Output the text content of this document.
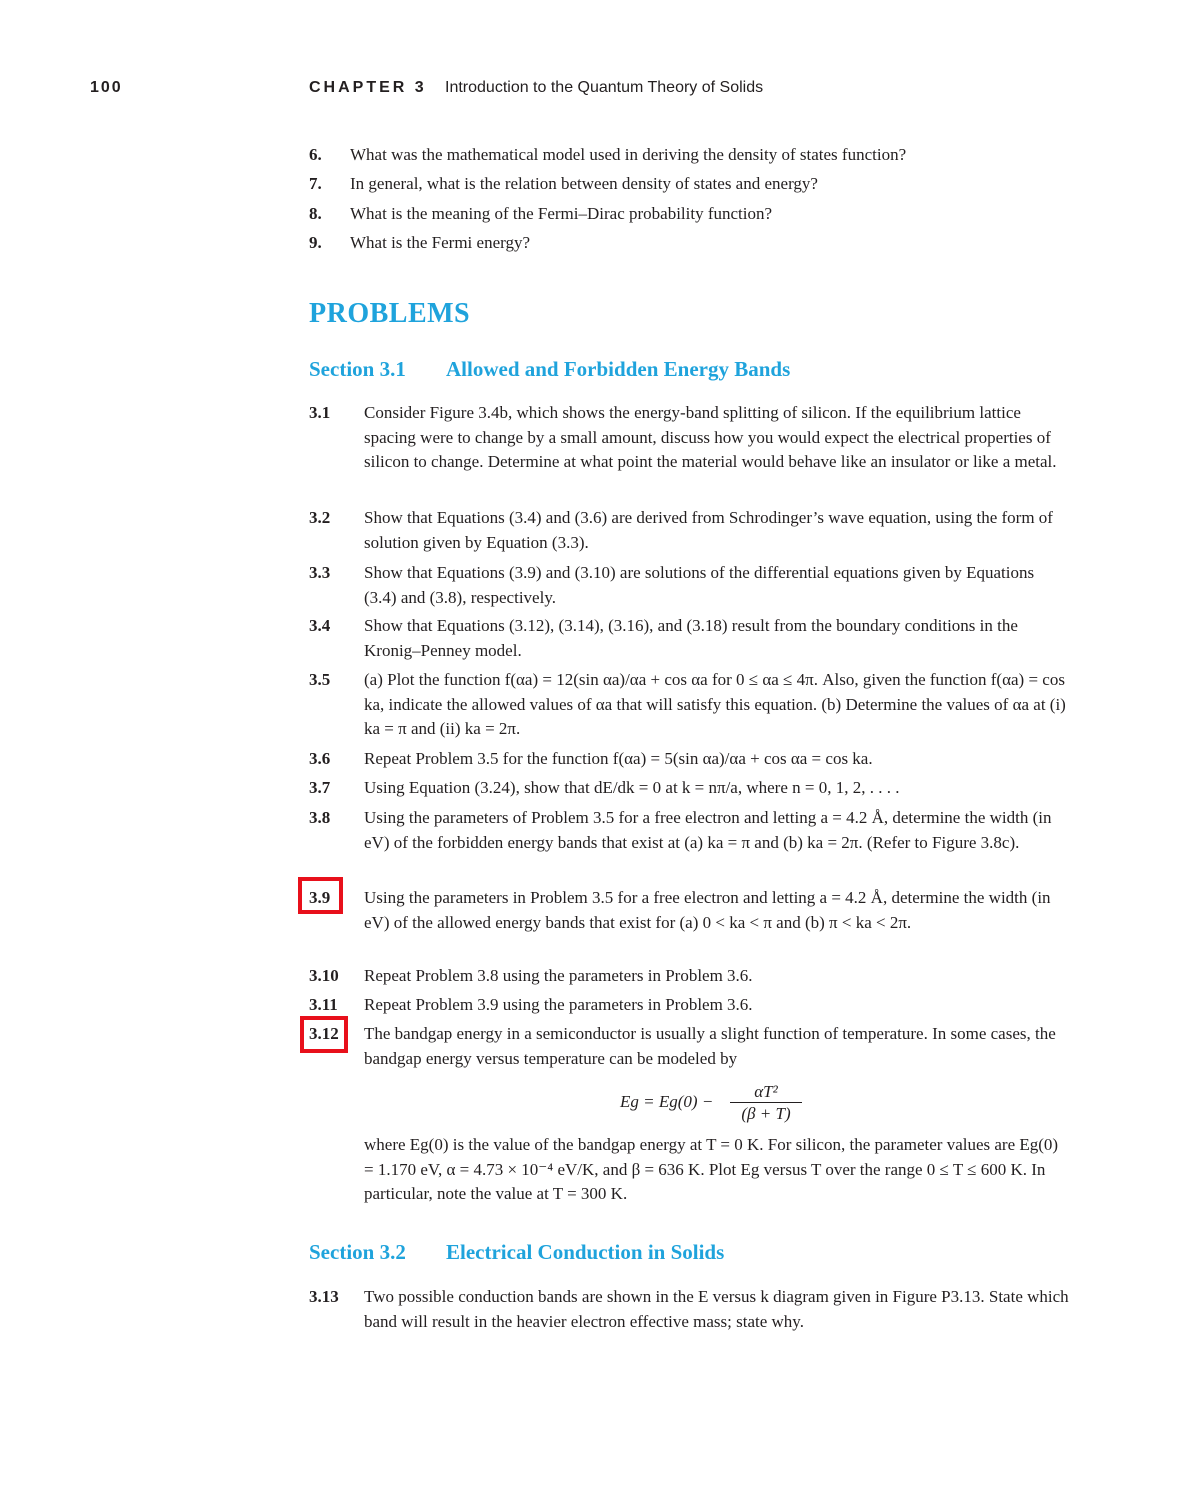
100	CHAPTER 3 Introduction to the Quantum Theory of Solids
6.	What was the mathematical model used in deriving the density of states function?
7.	In general, what is the relation between density of states and energy?
8.	What is the meaning of the Fermi–Dirac probability function?
9.	What is the Fermi energy?
PROBLEMS
Section 3.1 Allowed and Forbidden Energy Bands
3.1	Consider Figure 3.4b, which shows the energy-band splitting of silicon. If the equilibrium lattice spacing were to change by a small amount, discuss how you would expect the electrical properties of silicon to change. Determine at what point the material would behave like an insulator or like a metal.
3.2	Show that Equations (3.4) and (3.6) are derived from Schrodinger’s wave equation, using the form of solution given by Equation (3.3).
3.3	Show that Equations (3.9) and (3.10) are solutions of the differential equations given by Equations (3.4) and (3.8), respectively.
3.4	Show that Equations (3.12), (3.14), (3.16), and (3.18) result from the boundary conditions in the Kronig–Penney model.
3.5	(a) Plot the function f(αa) = 12(sin αa)/αa + cos αa for 0 ≤ αa ≤ 4π. Also, given the function f(αa) = cos ka, indicate the allowed values of αa that will satisfy this equation. (b) Determine the values of αa at (i) ka = π and (ii) ka = 2π.
3.6	Repeat Problem 3.5 for the function f(αa) = 5(sin αa)/αa + cos αa = cos ka.
3.7	Using Equation (3.24), show that dE/dk = 0 at k = nπ/a, where n = 0, 1, 2, . . . .
3.8	Using the parameters of Problem 3.5 for a free electron and letting a = 4.2 Å, determine the width (in eV) of the forbidden energy bands that exist at (a) ka = π and (b) ka = 2π. (Refer to Figure 3.8c).
3.9	Using the parameters in Problem 3.5 for a free electron and letting a = 4.2 Å, determine the width (in eV) of the allowed energy bands that exist for (a) 0 < ka < π and (b) π < ka < 2π.
3.10	Repeat Problem 3.8 using the parameters in Problem 3.6.
3.11	Repeat Problem 3.9 using the parameters in Problem 3.6.
3.12	The bandgap energy in a semiconductor is usually a slight function of temperature. In some cases, the bandgap energy versus temperature can be modeled by
$Eg = Eg(0) - \frac{\text{αT²}}{(\beta + T)}$
where Eg(0) is the value of the bandgap energy at T = 0 K. For silicon, the parameter values are Eg(0) = 1.170 eV, α = 4.73 × 10⁻⁴ eV/K, and β = 636 K. Plot Eg versus T over the range 0 ≤ T ≤ 600 K. In particular, note the value at T = 300 K.
Section 3.2 Electrical Conduction in Solids
3.13	Two possible conduction bands are shown in the E versus k diagram given in Figure P3.13. State which band will result in the heavier electron effective mass; state why.
